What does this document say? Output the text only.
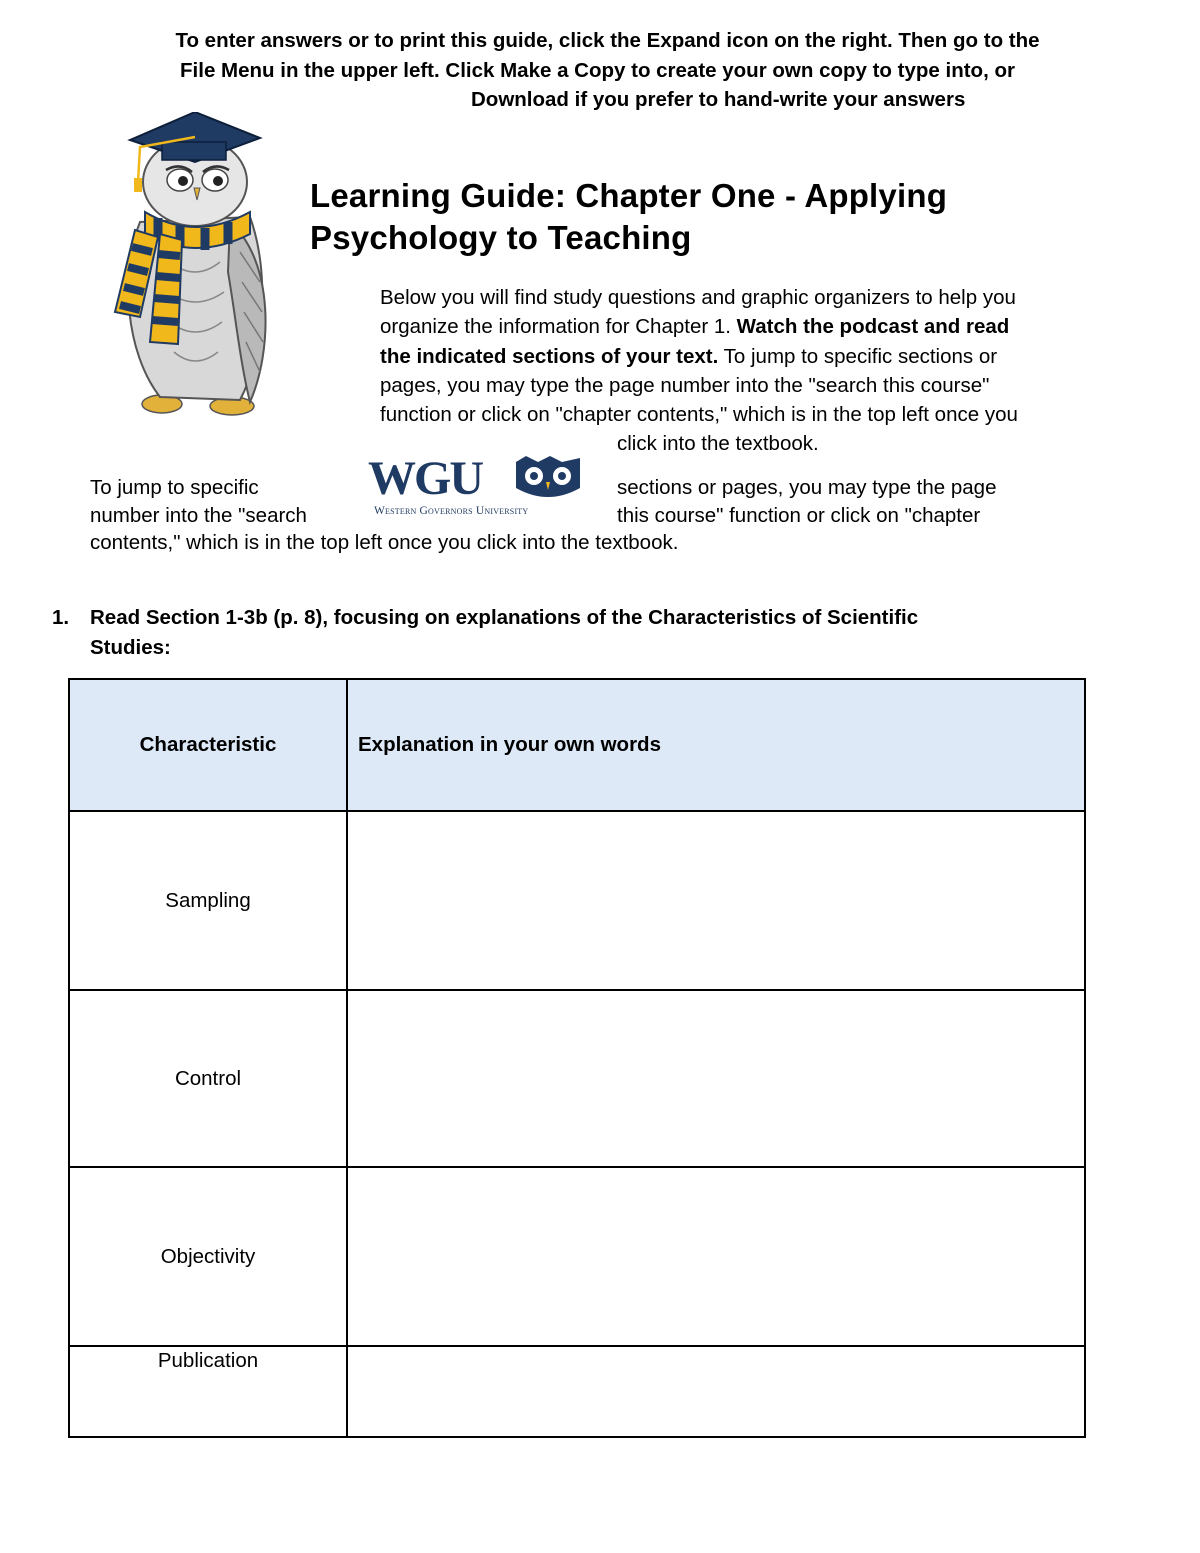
To enter answers or to print this guide, click the Expand icon on the right. Then go to the
File Menu in the upper left. Click Make a Copy to create your own copy to type into, or
Download if you prefer to hand-write your answers
Learning Guide: Chapter One - Applying
Psychology to Teaching
Below you will find study questions and graphic organizers to help you
organize the information for Chapter 1. Watch the podcast and read
the indicated sections of your text. To jump to specific sections or
pages, you may type the page number into the "search this course"
function or click on "chapter contents," which is in the top left once you
click into the textbook.
WGU
Western Governors University
To jump to specific
number into the "search
sections or pages, you may type the page
this course" function or click on "chapter
contents," which is in the top left once you click into the textbook.
1. Read Section 1-3b (p. 8), focusing on explanations of the Characteristics of Scientific
Studies:
Characteristic	Explanation in your own words
Sampling	
Control	
Objectivity	
Publication	
